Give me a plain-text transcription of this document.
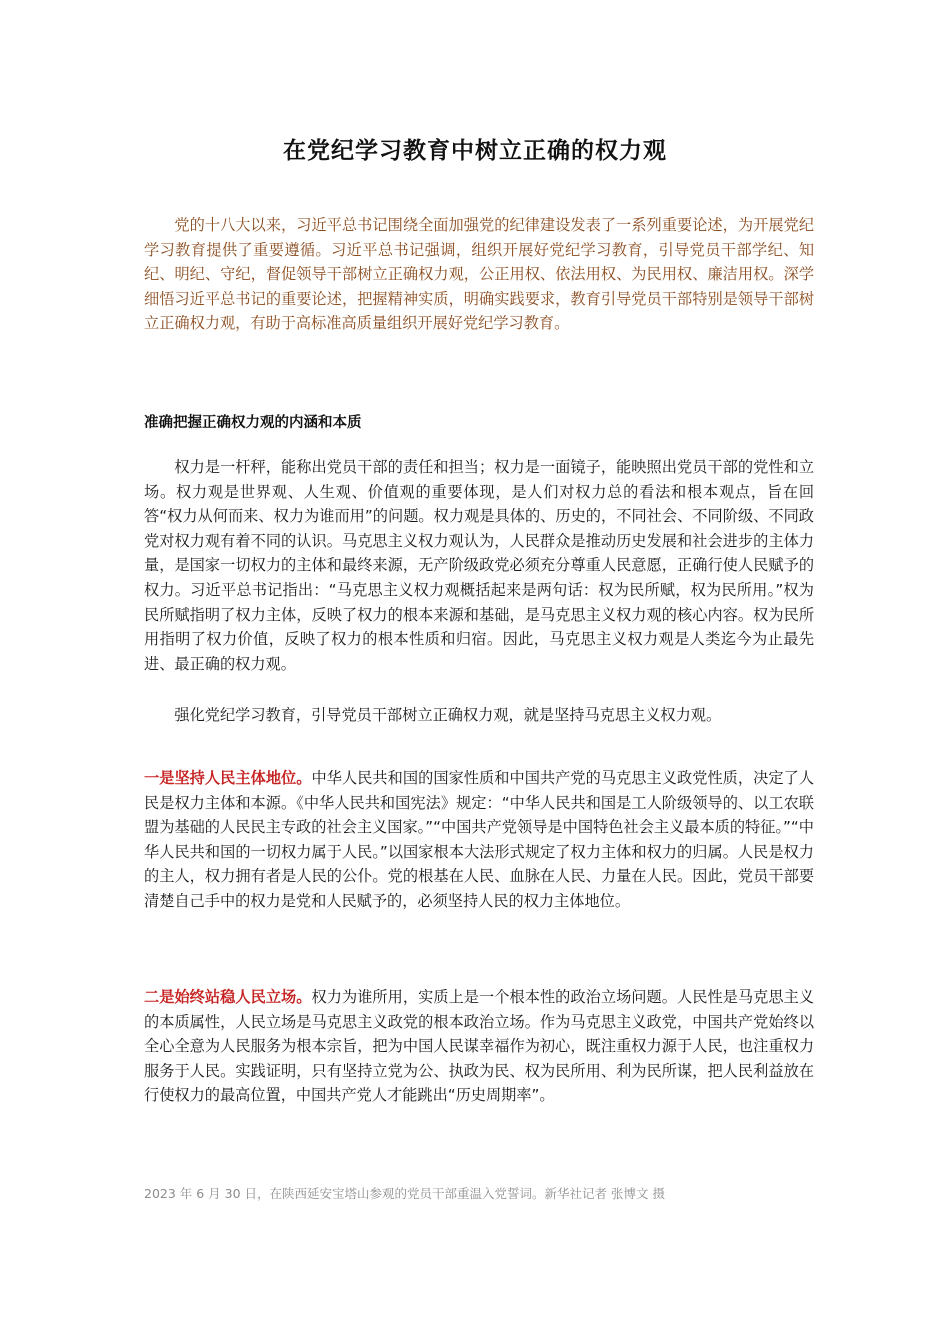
在党纪学习教育中树立正确的权力观

党的十八大以来，习近平总书记围绕全面加强党的纪律建设发表了一系列重要论述，为开展党纪学习教育提供了重要遵循。习近平总书记强调，组织开展好党纪学习教育，引导党员干部学纪、知纪、明纪、守纪，督促领导干部树立正确权力观，公正用权、依法用权、为民用权、廉洁用权。深学细悟习近平总书记的重要论述，把握精神实质，明确实践要求，教育引导党员干部特别是领导干部树立正确权力观，有助于高标准高质量组织开展好党纪学习教育。

准确把握正确权力观的内涵和本质

权力是一杆秤，能称出党员干部的责任和担当；权力是一面镜子，能映照出党员干部的党性和立场。权力观是世界观、人生观、价值观的重要体现，是人们对权力总的看法和根本观点，旨在回答“权力从何而来、权力为谁而用”的问题。权力观是具体的、历史的，不同社会、不同阶级、不同政党对权力观有着不同的认识。马克思主义权力观认为，人民群众是推动历史发展和社会进步的主体力量，是国家一切权力的主体和最终来源，无产阶级政党必须充分尊重人民意愿，正确行使人民赋予的权力。习近平总书记指出：“马克思主义权力观概括起来是两句话：权为民所赋，权为民所用。”权为民所赋指明了权力主体，反映了权力的根本来源和基础，是马克思主义权力观的核心内容。权为民所用指明了权力价值，反映了权力的根本性质和归宿。因此，马克思主义权力观是人类迄今为止最先进、最正确的权力观。

强化党纪学习教育，引导党员干部树立正确权力观，就是坚持马克思主义权力观。

一是坚持人民主体地位。中华人民共和国的国家性质和中国共产党的马克思主义政党性质，决定了人民是权力主体和本源。《中华人民共和国宪法》规定：“中华人民共和国是工人阶级领导的、以工农联盟为基础的人民民主专政的社会主义国家。”“中国共产党领导是中国特色社会主义最本质的特征。”“中华人民共和国的一切权力属于人民。”以国家根本大法形式规定了权力主体和权力的归属。人民是权力的主人，权力拥有者是人民的公仆。党的根基在人民、血脉在人民、力量在人民。因此，党员干部要清楚自己手中的权力是党和人民赋予的，必须坚持人民的权力主体地位。

二是始终站稳人民立场。权力为谁所用，实质上是一个根本性的政治立场问题。人民性是马克思主义的本质属性，人民立场是马克思主义政党的根本政治立场。作为马克思主义政党，中国共产党始终以全心全意为人民服务为根本宗旨，把为中国人民谋幸福作为初心，既注重权力源于人民，也注重权力服务于人民。实践证明，只有坚持立党为公、执政为民、权为民所用、利为民所谋，把人民利益放在行使权力的最高位置，中国共产党人才能跳出“历史周期率”。

2023 年 6 月 30 日，在陕西延安宝塔山参观的党员干部重温入党誓词。新华社记者 张博文 摄
